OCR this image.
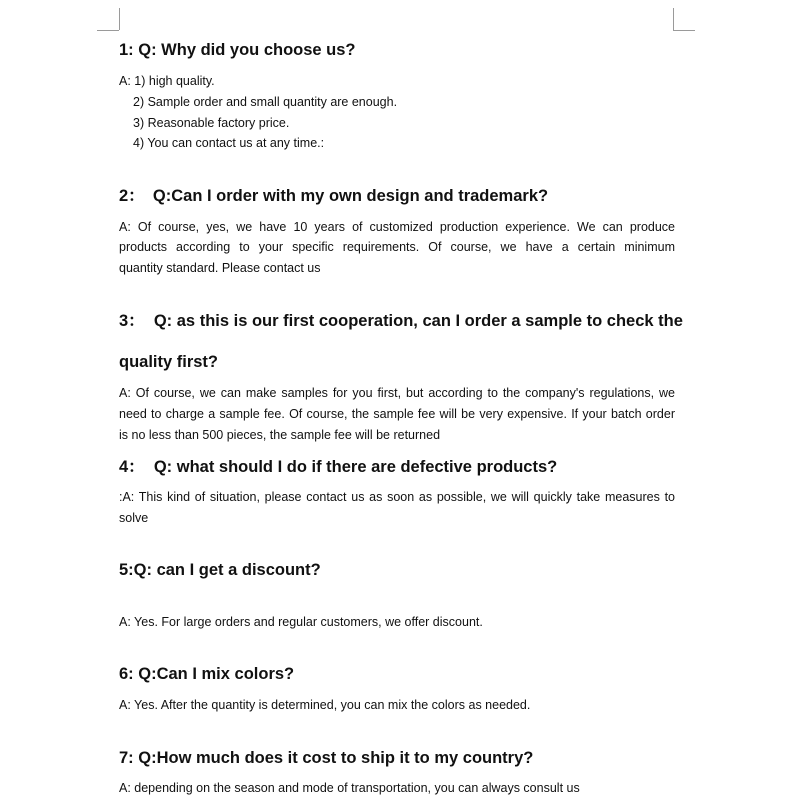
1: Q: Why did you choose us?
A: 1) high quality.
2) Sample order and small quantity are enough.
3) Reasonable factory price.
4) You can contact us at any time.:
2：　Q:Can I order with my own design and trademark?
A: Of course, yes, we have 10 years of customized production experience. We can produce
products according to your specific requirements. Of course, we have a certain minimum
quantity standard. Please contact us
3：  Q: as this is our first cooperation, can I order a sample to check the
quality first?
A: Of course, we can make samples for you first, but according to the company's regulations, we
need to charge a sample fee. Of course, the sample fee will be very expensive. If your batch order
is no less than 500 pieces, the sample fee will be returned
4：  Q: what should I do if there are defective products?
:A: This kind of situation, please contact us as soon as possible, we will quickly take measures to
solve
5:Q: can I get a discount?
A: Yes. For large orders and regular customers, we offer discount.
6: Q:Can I mix colors?
A: Yes. After the quantity is determined, you can mix the colors as needed.
7: Q:How much does it cost to ship it to my country?
A: depending on the season and mode of transportation, you can always consult us
